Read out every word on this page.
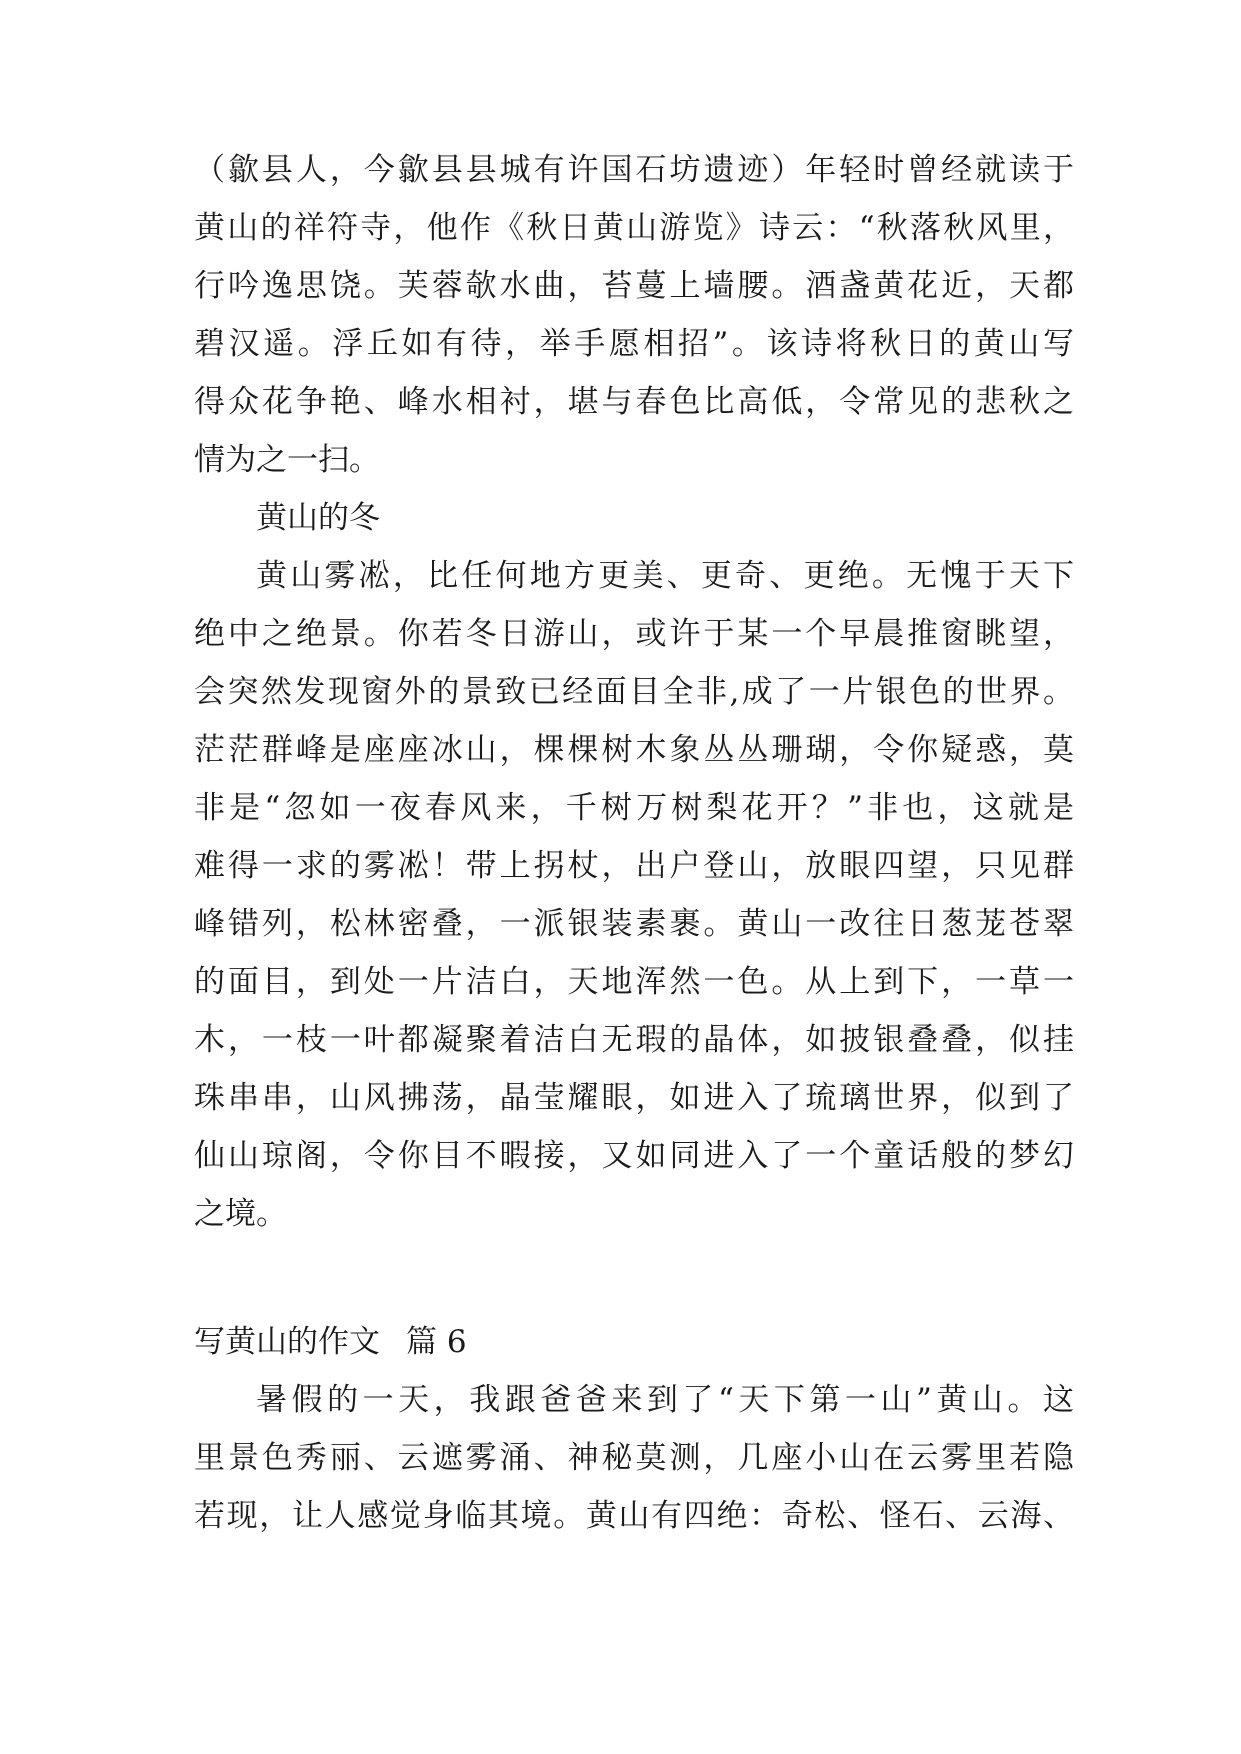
（歙县人，今歙县县城有许国石坊遗迹）年轻时曾经就读于
黄山的祥符寺，他作《秋日黄山游览》诗云：“秋落秋风里，
行吟逸思饶。芙蓉欹水曲，苔蔓上墙腰。酒盏黄花近，天都
碧汉遥。浮丘如有待，举手愿相招”。该诗将秋日的黄山写
得众花争艳、峰水相衬，堪与春色比高低，令常见的悲秋之
情为之一扫。
黄山的冬
黄山雾凇，比任何地方更美、更奇、更绝。无愧于天下
绝中之绝景。你若冬日游山，或许于某一个早晨推窗眺望，
会突然发现窗外的景致已经面目全非,成了一片银色的世界。
茫茫群峰是座座冰山，棵棵树木象丛丛珊瑚，令你疑惑，莫
非是“忽如一夜春风来，千树万树梨花开？”非也，这就是
难得一求的雾凇！带上拐杖，出户登山，放眼四望，只见群
峰错列，松林密叠，一派银装素裹。黄山一改往日葱茏苍翠
的面目，到处一片洁白，天地浑然一色。从上到下，一草一
木，一枝一叶都凝聚着洁白无瑕的晶体，如披银叠叠，似挂
珠串串，山风拂荡，晶莹耀眼，如进入了琉璃世界，似到了
仙山琼阁，令你目不暇接，又如同进入了一个童话般的梦幻
之境。
写黄山的作文 篇 6
暑假的一天，我跟爸爸来到了“天下第一山”黄山。这
里景色秀丽、云遮雾涌、神秘莫测，几座小山在云雾里若隐
若现，让人感觉身临其境。黄山有四绝：奇松、怪石、云海、
